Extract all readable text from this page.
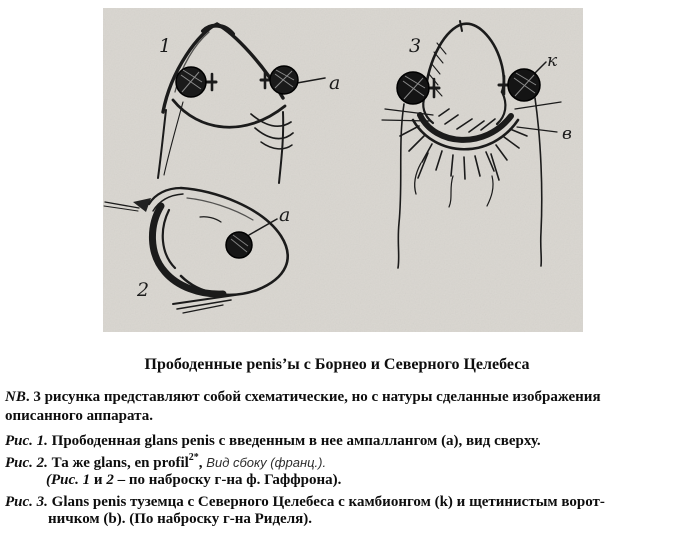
1
a
2
a
3
к
в
Прободенные penis’ы с Борнео и Северного Целебеса

NB. 3 рисунка представляют собой схематические, но с натуры сделанные изображения

описанного аппарата.

Рис. 1. Прободенная glans penis с введенным в нее ампаллангом (а), вид сверху.

Рис. 2. Та же glans, en profil$^{2*}$, Вид сбоку (франц.).

(Рис. 1 и 2 – по наброску г-на ф. Гаффрона).

Рис. 3. Glans penis туземца с Северного Целебеса с камбионгом (k) и щетинистым ворот-

ничком (b). (По наброску г-на Риделя).
